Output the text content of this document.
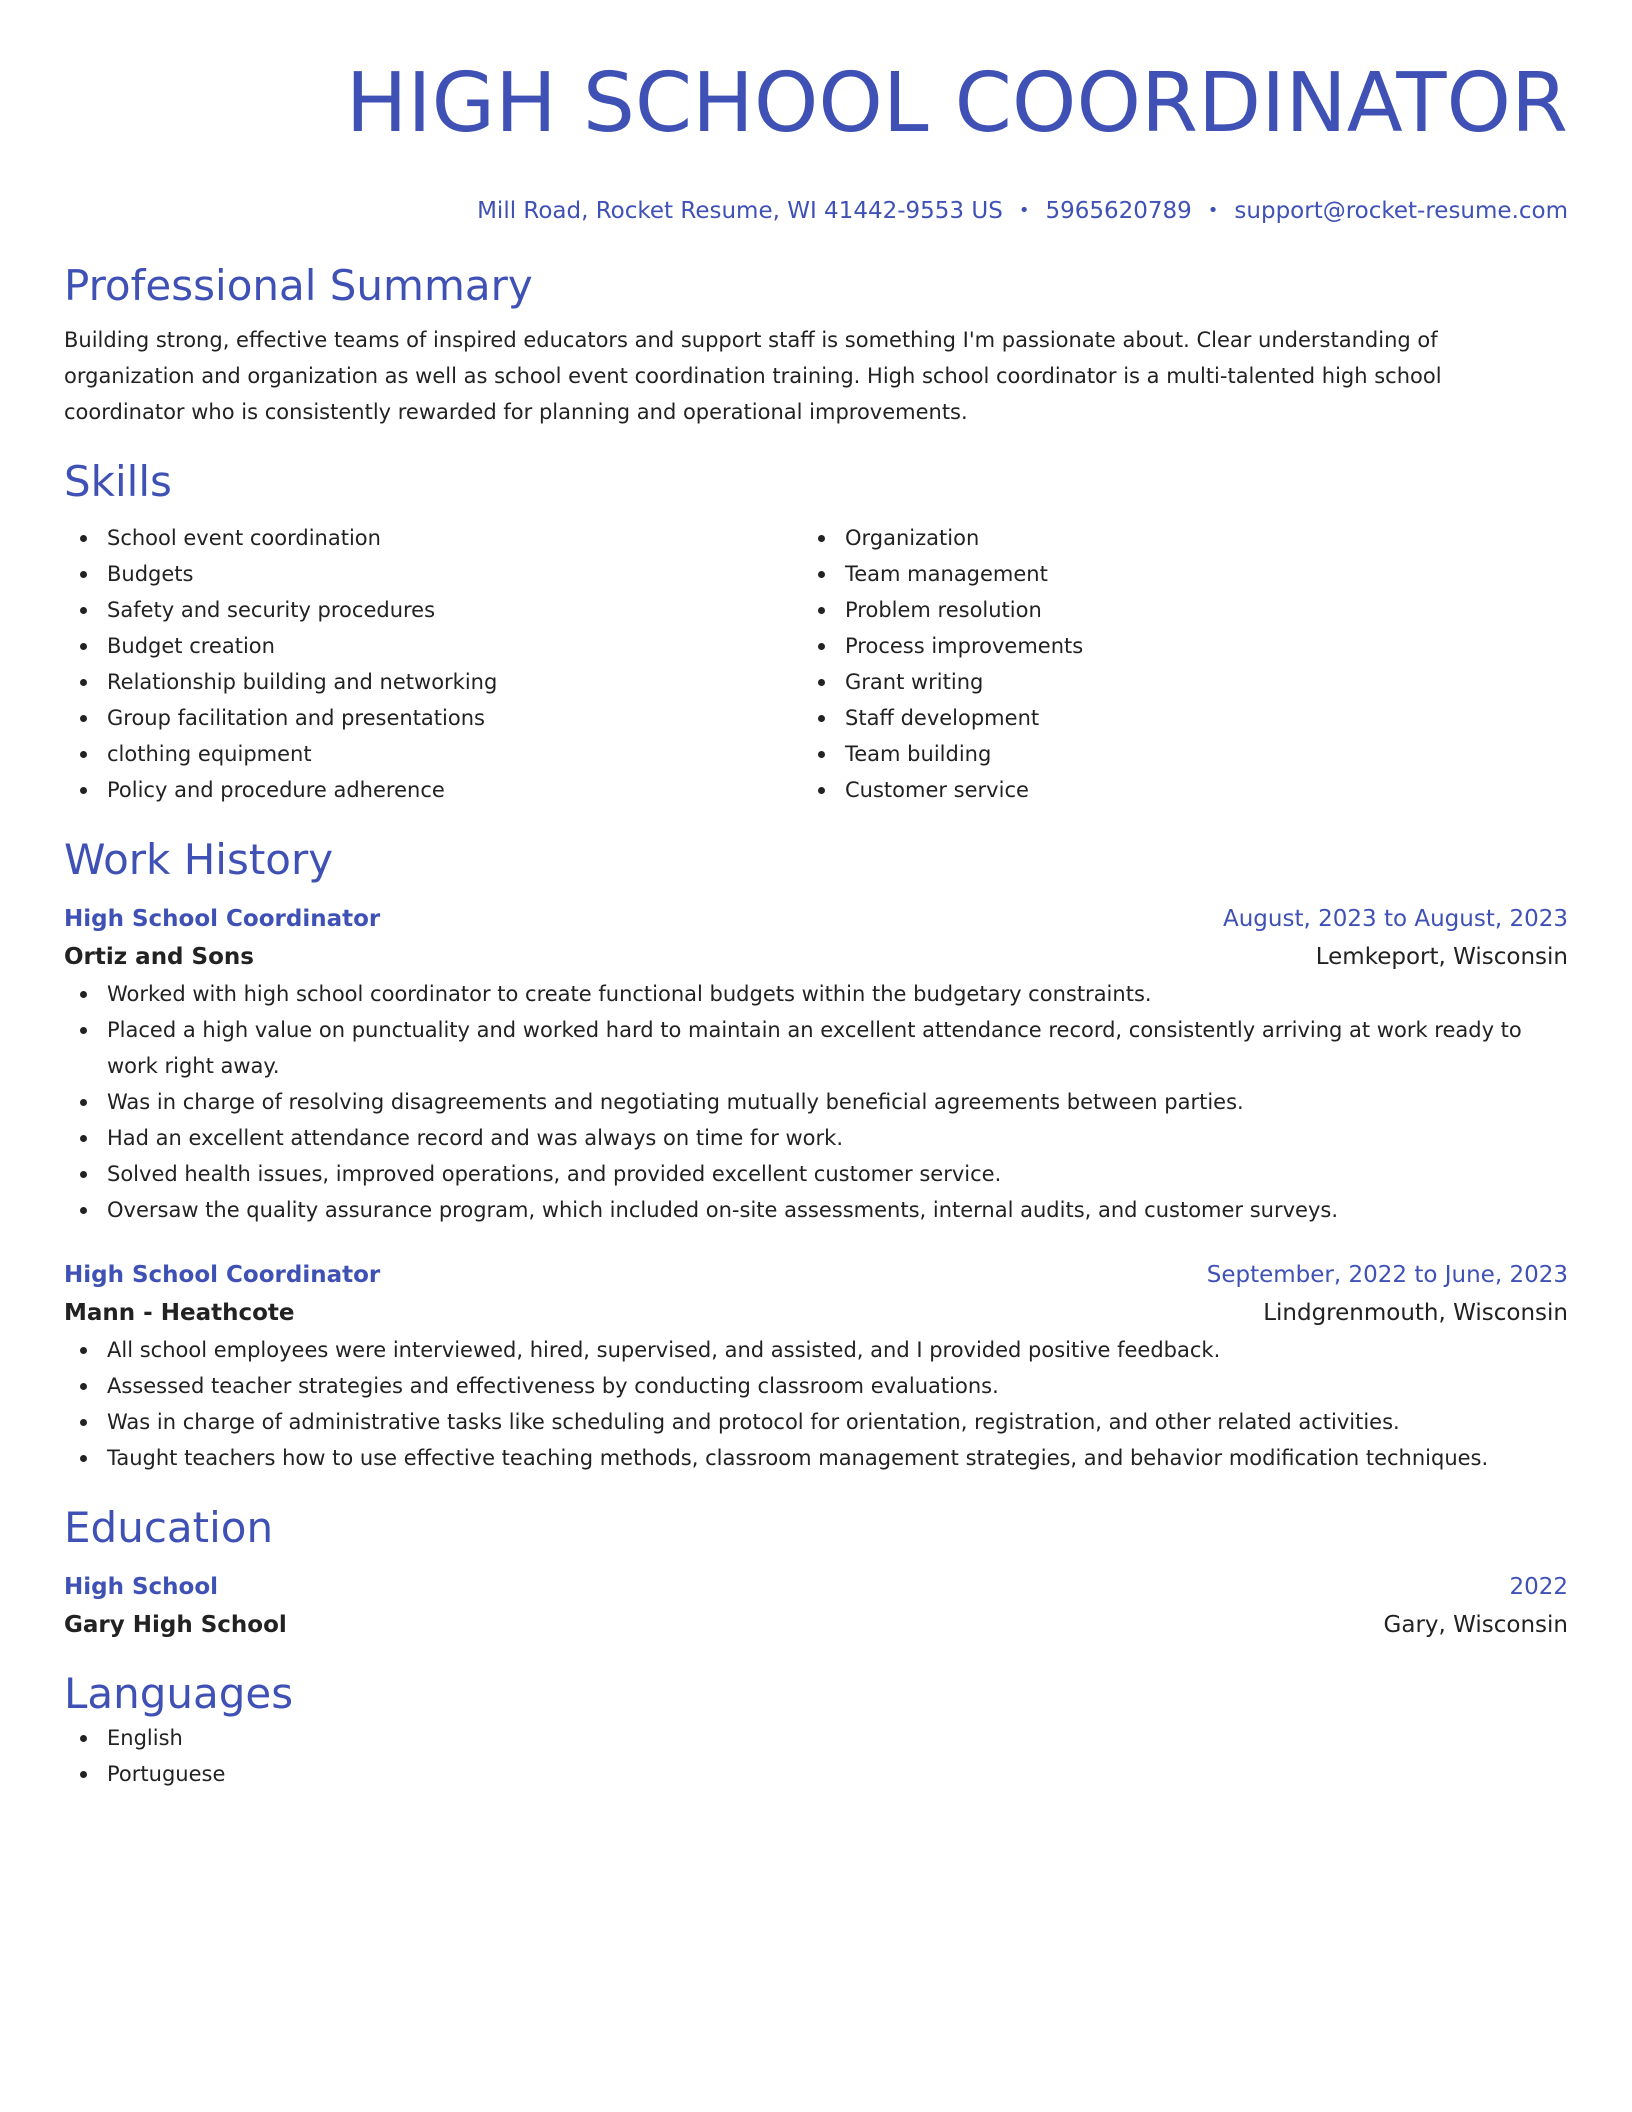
HIGH SCHOOL COORDINATOR
Mill Road, Rocket Resume, WI 41442-9553 US • 5965620789 • support@rocket-resume.com
Professional Summary
Building strong, effective teams of inspired educators and support staff is something I'm passionate about. Clear understanding of organization and organization as well as school event coordination training. High school coordinator is a multi-talented high school coordinator who is consistently rewarded for planning and operational improvements.
Skills
School event coordination
Budgets
Safety and security procedures
Budget creation
Relationship building and networking
Group facilitation and presentations
clothing equipment
Policy and procedure adherence
Organization
Team management
Problem resolution
Process improvements
Grant writing
Staff development
Team building
Customer service
Work History
High School Coordinator	August, 2023 to August, 2023
Ortiz and Sons	Lemkeport, Wisconsin
Worked with high school coordinator to create functional budgets within the budgetary constraints.
Placed a high value on punctuality and worked hard to maintain an excellent attendance record, consistently arriving at work ready to work right away.
Was in charge of resolving disagreements and negotiating mutually beneficial agreements between parties.
Had an excellent attendance record and was always on time for work.
Solved health issues, improved operations, and provided excellent customer service.
Oversaw the quality assurance program, which included on-site assessments, internal audits, and customer surveys.
High School Coordinator	September, 2022 to June, 2023
Mann - Heathcote	Lindgrenmouth, Wisconsin
All school employees were interviewed, hired, supervised, and assisted, and I provided positive feedback.
Assessed teacher strategies and effectiveness by conducting classroom evaluations.
Was in charge of administrative tasks like scheduling and protocol for orientation, registration, and other related activities.
Taught teachers how to use effective teaching methods, classroom management strategies, and behavior modification techniques.
Education
High School	2022
Gary High School	Gary, Wisconsin
Languages
English
Portuguese
